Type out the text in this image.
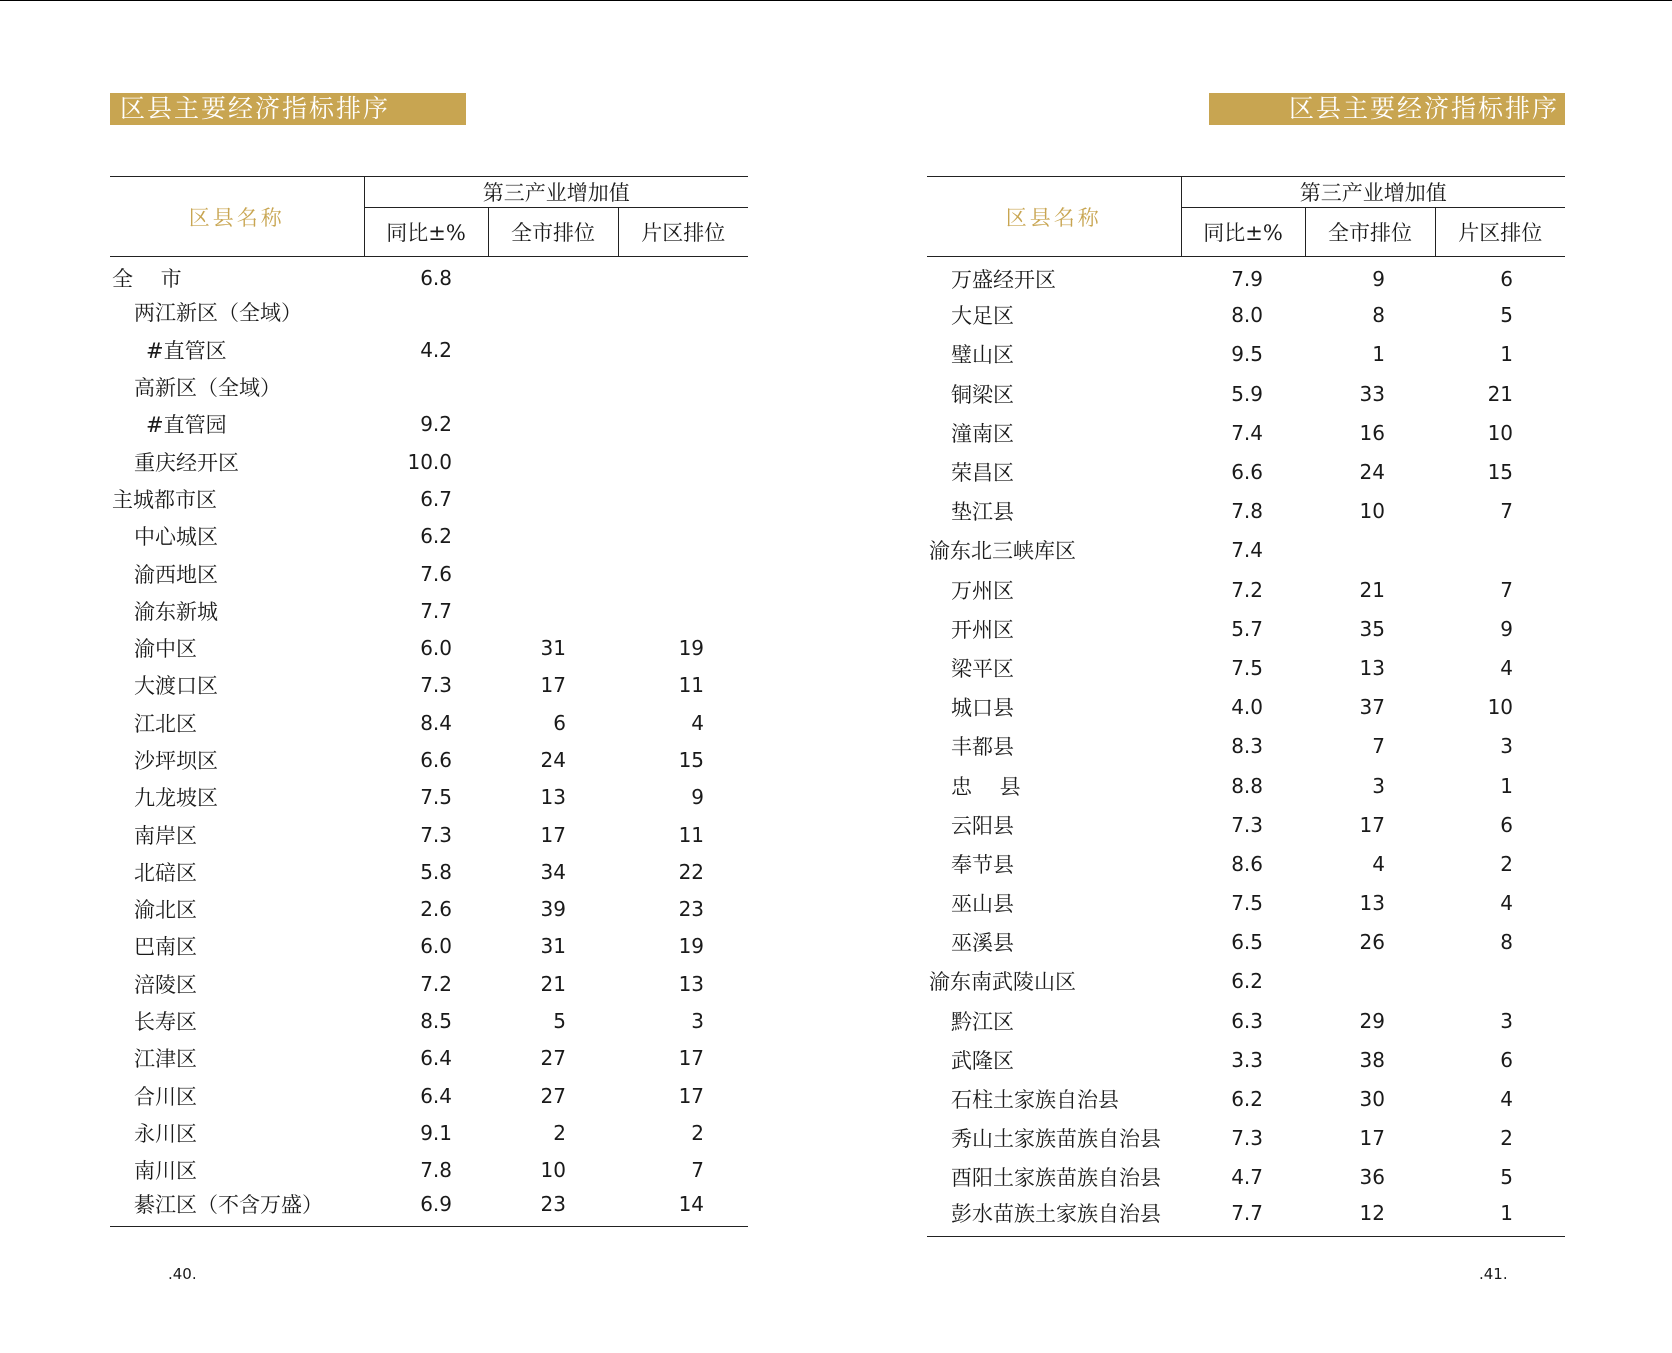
区县主要经济指标排序
区县名称	第三产业增加值		
	同比±%	全市排位	片区排位
全　 市	6.8		
两江新区（全域）			
#直管区	4.2		
高新区（全域）			
#直管园	9.2		
重庆经开区	10.0		
主城都市区	6.7		
中心城区	6.2		
渝西地区	7.6		
渝东新城	7.7		
渝中区	6.0	31	19
大渡口区	7.3	17	11
江北区	8.4	6	4
沙坪坝区	6.6	24	15
九龙坡区	7.5	13	9
南岸区	7.3	17	11
北碚区	5.8	34	22
渝北区	2.6	39	23
巴南区	6.0	31	19
涪陵区	7.2	21	13
长寿区	8.5	5	3
江津区	6.4	27	17
合川区	6.4	27	17
永川区	9.1	2	2
南川区	7.8	10	7
綦江区（不含万盛）	6.9	23	14
.40.
区县主要经济指标排序
区县名称	第三产业增加值		
	同比±%	全市排位	片区排位
万盛经开区	7.9	9	6
大足区	8.0	8	5
璧山区	9.5	1	1
铜梁区	5.9	33	21
潼南区	7.4	16	10
荣昌区	6.6	24	15
垫江县	7.8	10	7
渝东北三峡库区	7.4		
万州区	7.2	21	7
开州区	5.7	35	9
梁平区	7.5	13	4
城口县	4.0	37	10
丰都县	8.3	7	3
忠　 县	8.8	3	1
云阳县	7.3	17	6
奉节县	8.6	4	2
巫山县	7.5	13	4
巫溪县	6.5	26	8
渝东南武陵山区	6.2		
黔江区	6.3	29	3
武隆区	3.3	38	6
石柱土家族自治县	6.2	30	4
秀山土家族苗族自治县	7.3	17	2
酉阳土家族苗族自治县	4.7	36	5
彭水苗族土家族自治县	7.7	12	1
.41.
